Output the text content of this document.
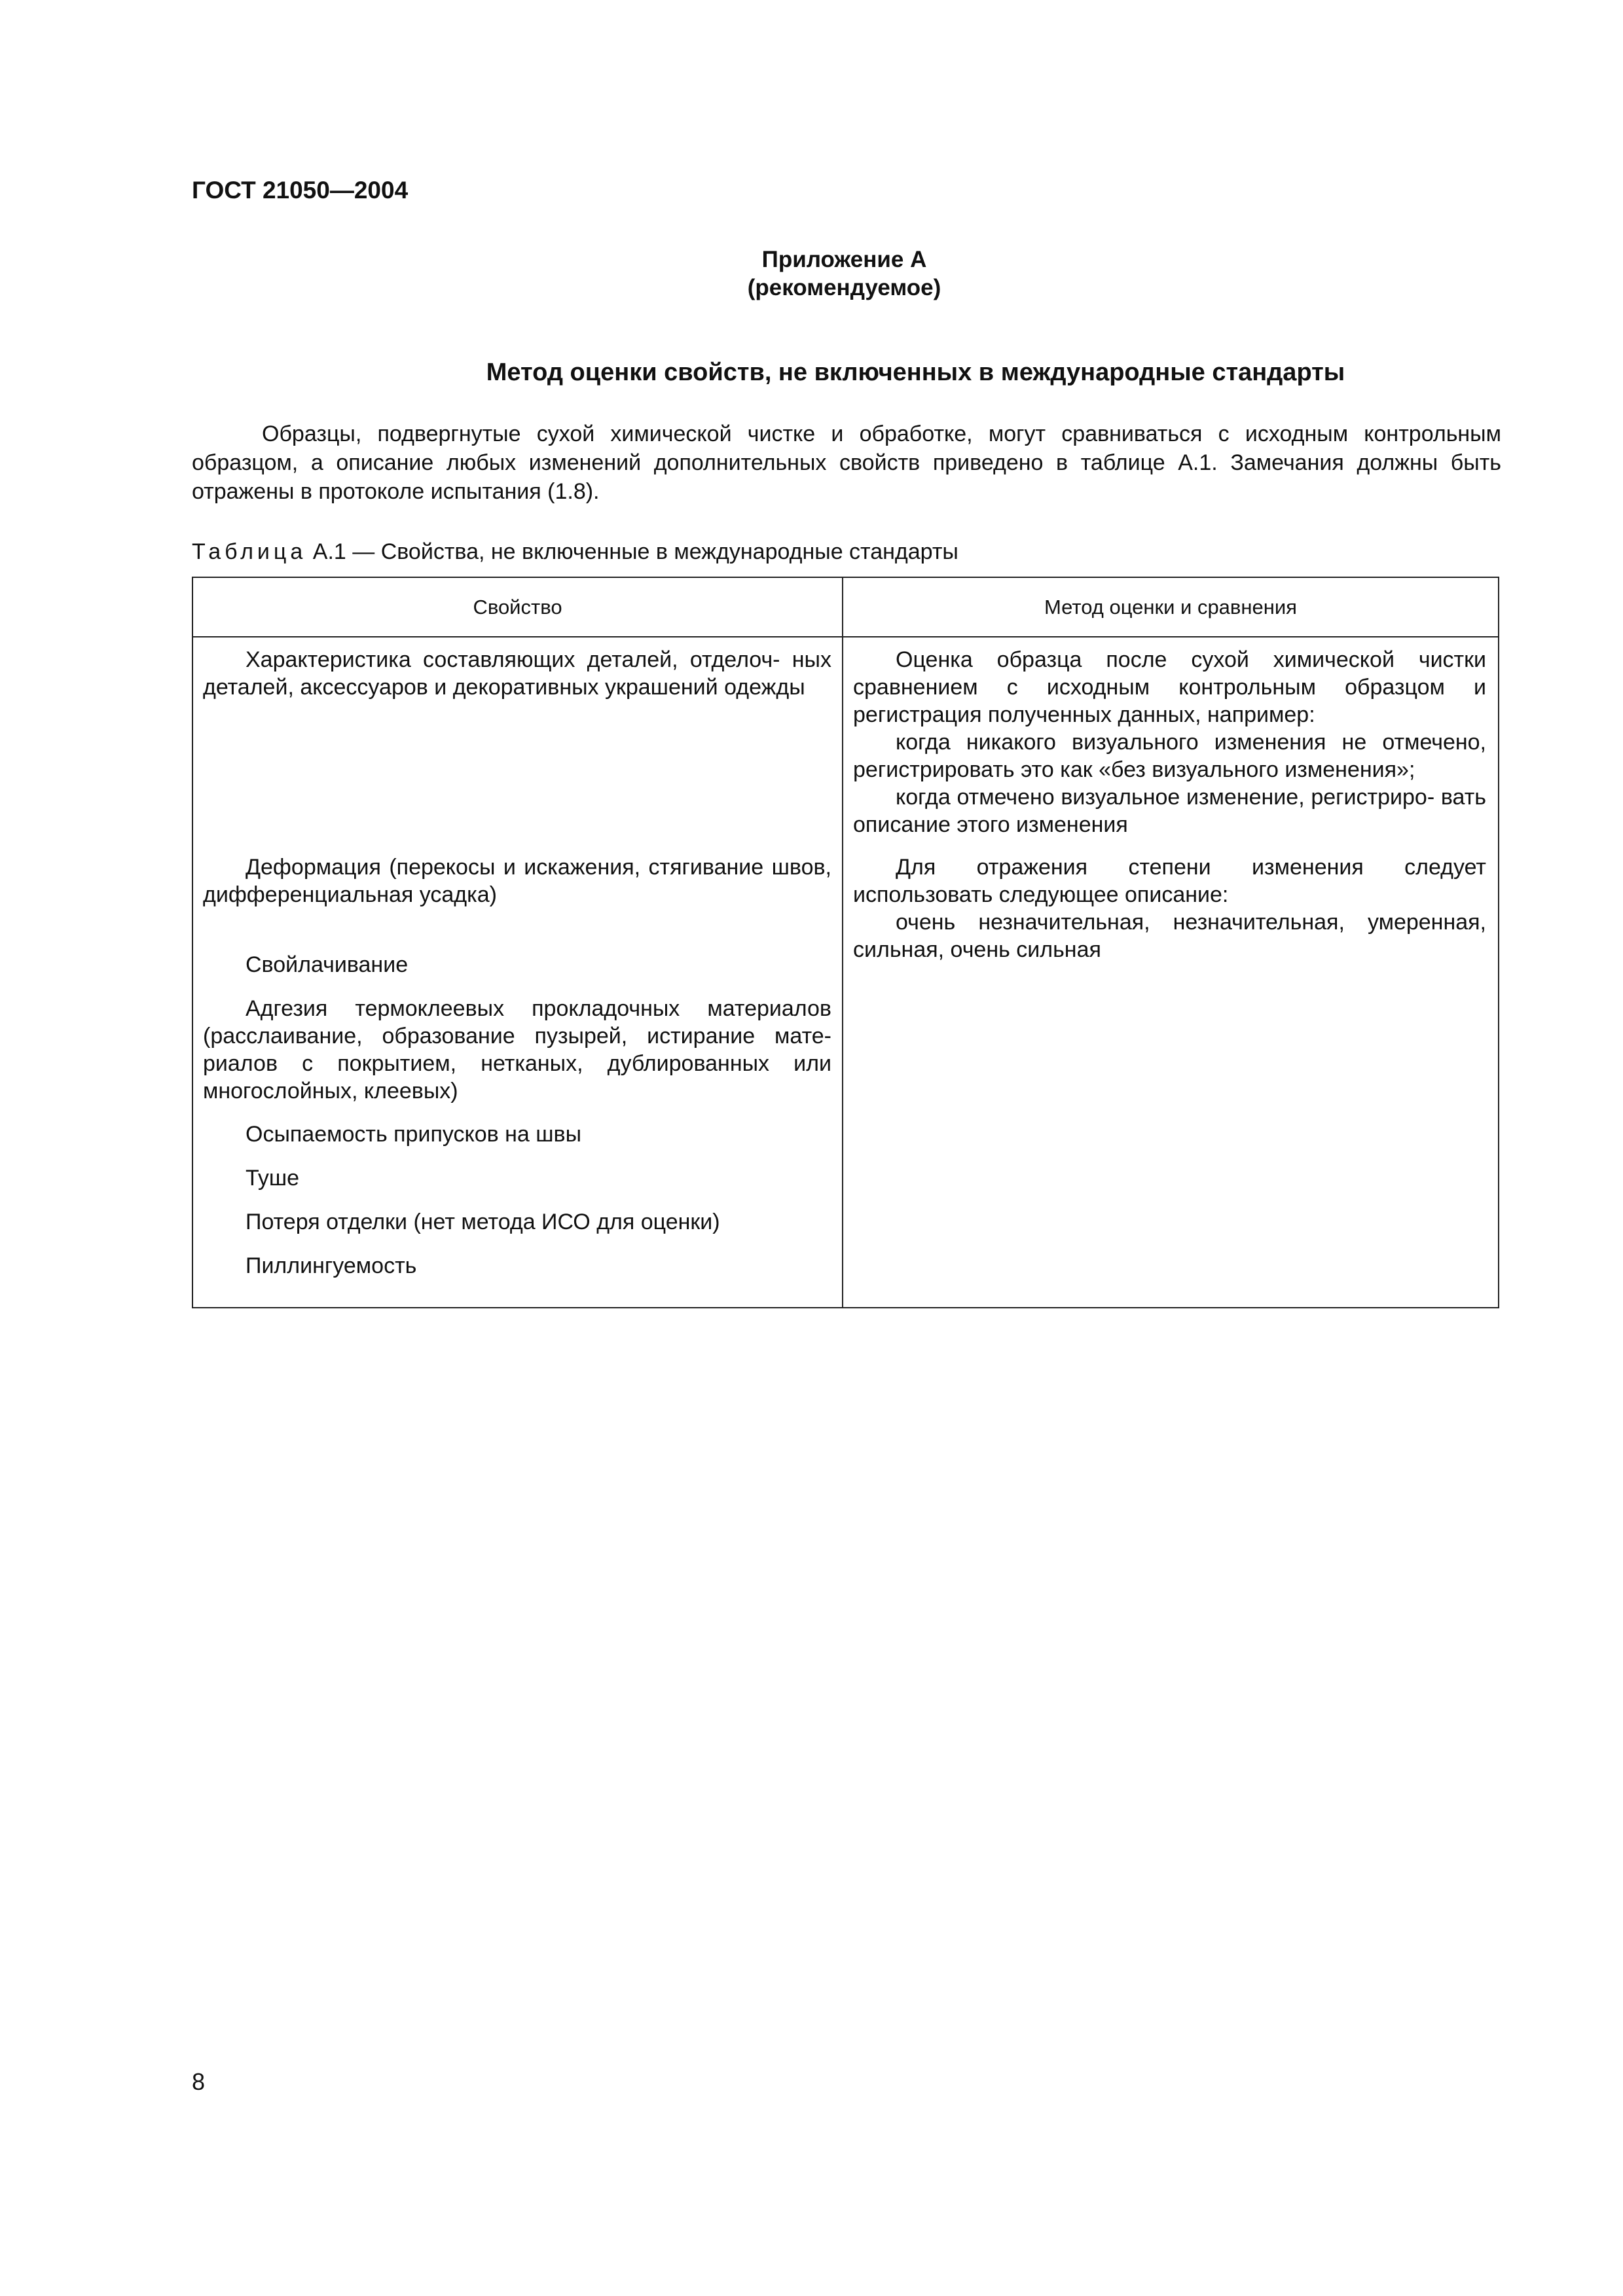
ГОСТ 21050—2004
Приложение А
(рекомендуемое)
Метод оценки свойств, не включенных в международные стандарты

Образцы, подвергнутые сухой химической чистке и обработке, могут сравниваться с исходным контрольным образцом, а описание любых изменений дополнительных свойств приведено в таблице А.1. Замечания должны быть отражены в протоколе испытания (1.8).

Таблица А.1 — Свойства, не включенные в международные стандарты
Свойство	Метод оценки и сравнения

Характеристика составляющих деталей, отделоч- ных деталей, аксессуаров и декоративных украшений одежды

Деформация (перекосы и искажения, стягивание швов, дифференциальная усадка)

Свойлачивание

Адгезия термоклеевых прокладочных материалов (расслаивание, образование пузырей, истирание мате- риалов с покрытием, нетканых, дублированных или многослойных, клеевых)

Осыпаемость припусков на швы

Туше

Потеря отделки (нет метода ИСО для оценки)

Пиллингуемость

Оценка образца после сухой химической чистки сравнением с исходным контрольным образцом и регистрация полученных данных, например:
когда никакого визуального изменения не отмечено, регистрировать это как «без визуального изменения»;
когда отмечено визуальное изменение, регистриро- вать описание этого изменения

Для отражения степени изменения следует использовать следующее описание:
очень незначительная, незначительная, умеренная, сильная, очень сильная

8
